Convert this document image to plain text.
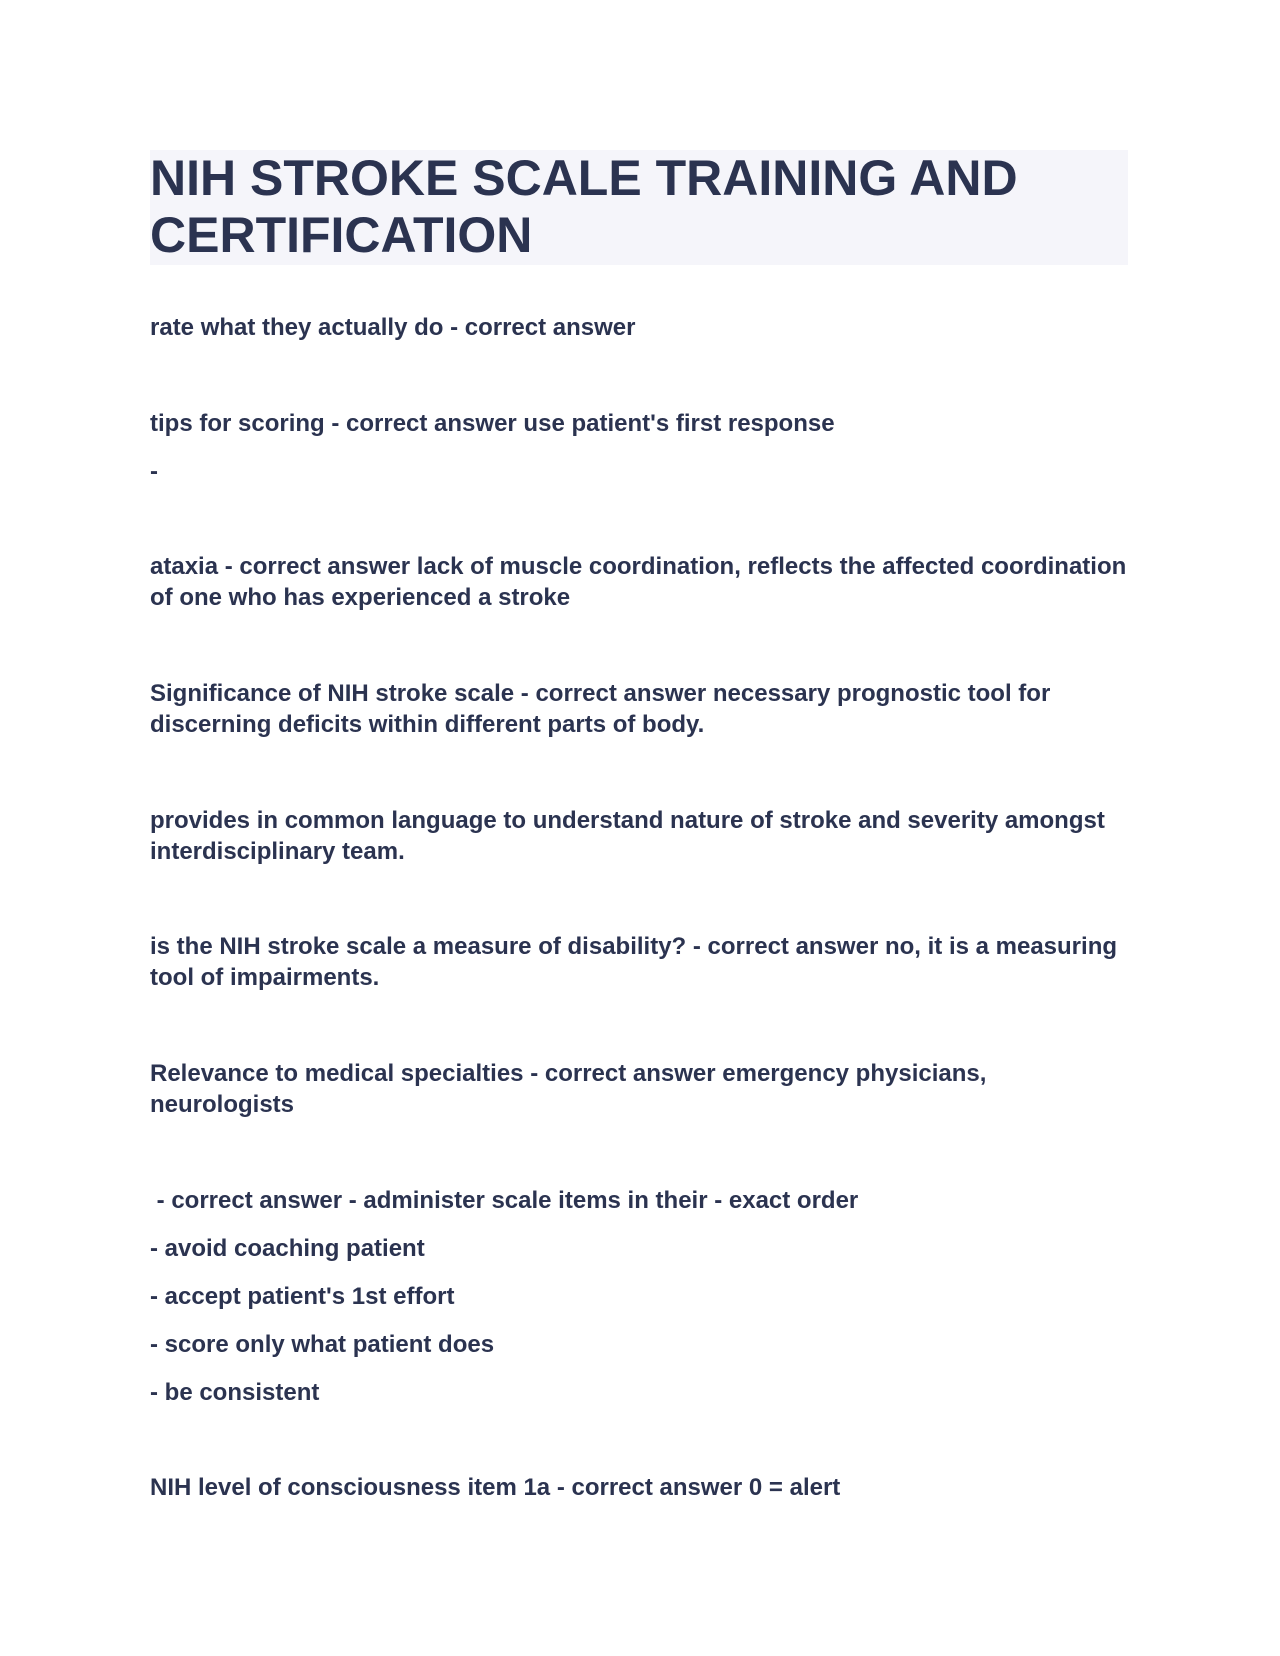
NIH STROKE SCALE TRAINING AND CERTIFICATION

rate what they actually do - correct answer

tips for scoring - correct answer use patient's first response

-

ataxia - correct answer lack of muscle coordination, reflects the affected coordination of one who has experienced a stroke

Significance of NIH stroke scale - correct answer necessary prognostic tool for discerning deficits within different parts of body.

provides in common language to understand nature of stroke and severity amongst interdisciplinary team.

is the NIH stroke scale a measure of disability? - correct answer no, it is a measuring tool of impairments.

Relevance to medical specialties - correct answer emergency physicians, neurologists

- correct answer - administer scale items in their - exact order

- avoid coaching patient

- accept patient's 1st effort

- score only what patient does

- be consistent

NIH level of consciousness item 1a - correct answer 0 = alert
